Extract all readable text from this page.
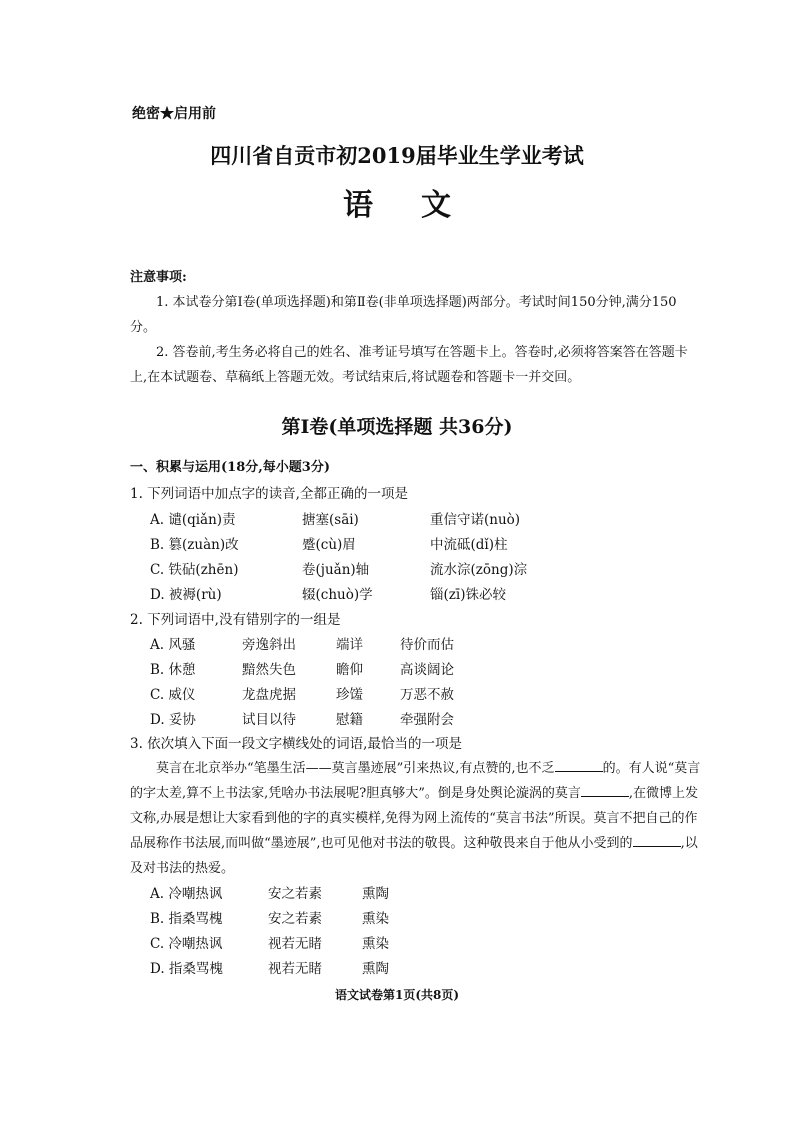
绝密★启用前
四川省自贡市初2019届毕业生学业考试
语文
注意事项:
1. 本试卷分第Ⅰ卷(单项选择题)和第Ⅱ卷(非单项选择题)两部分。考试时间150分钟,满分150分。
2. 答卷前,考生务必将自己的姓名、准考证号填写在答题卡上。答卷时,必须将答案答在答题卡上,在本试题卷、草稿纸上答题无效。考试结束后,将试题卷和答题卡一并交回。
第Ⅰ卷(单项选择题 共36分)
一、积累与运用(18分,每小题3分)
1. 下列词语中加点字的读音,全都正确的一项是
A. 谴(qiǎn)责	搪塞(sāi)	重信守诺(nuò)
B. 篡(zuàn)改	蹙(cù)眉	中流砥(dǐ)柱
C. 铁砧(zhēn)	卷(juǎn)轴	流水淙(zōng)淙
D. 被褥(rù)	辍(chuò)学	锱(zī)铢必较
2. 下列词语中,没有错别字的一组是
A. 风骚	旁逸斜出	端详	待价而估
B. 休憩	黯然失色	瞻仰	高谈阔论
C. 威仪	龙盘虎据	珍馐	万恶不赦
D. 妥协	试目以待	慰籍	牵强附会
3. 依次填入下面一段文字横线处的词语,最恰当的一项是
莫言在北京举办“笔墨生活——莫言墨迹展”引来热议,有点赞的,也不乏	的。有人说“莫言的字太差,算不上书法家,凭啥办书法展呢?胆真够大”。倒是身处舆论漩涡的莫言	,在微博上发文称,办展是想让大家看到他的字的真实模样,免得为网上流传的“莫言书法”所误。莫言不把自己的作品展称作书法展,而叫做“墨迹展”,也可见他对书法的敬畏。这种敬畏来自于他从小受到的	,以及对书法的热爱。
A. 冷嘲热讽	安之若素	熏陶
B. 指桑骂槐	安之若素	熏染
C. 冷嘲热讽	视若无睹	熏染
D. 指桑骂槐	视若无睹	熏陶
语文试卷第1页(共8页)
